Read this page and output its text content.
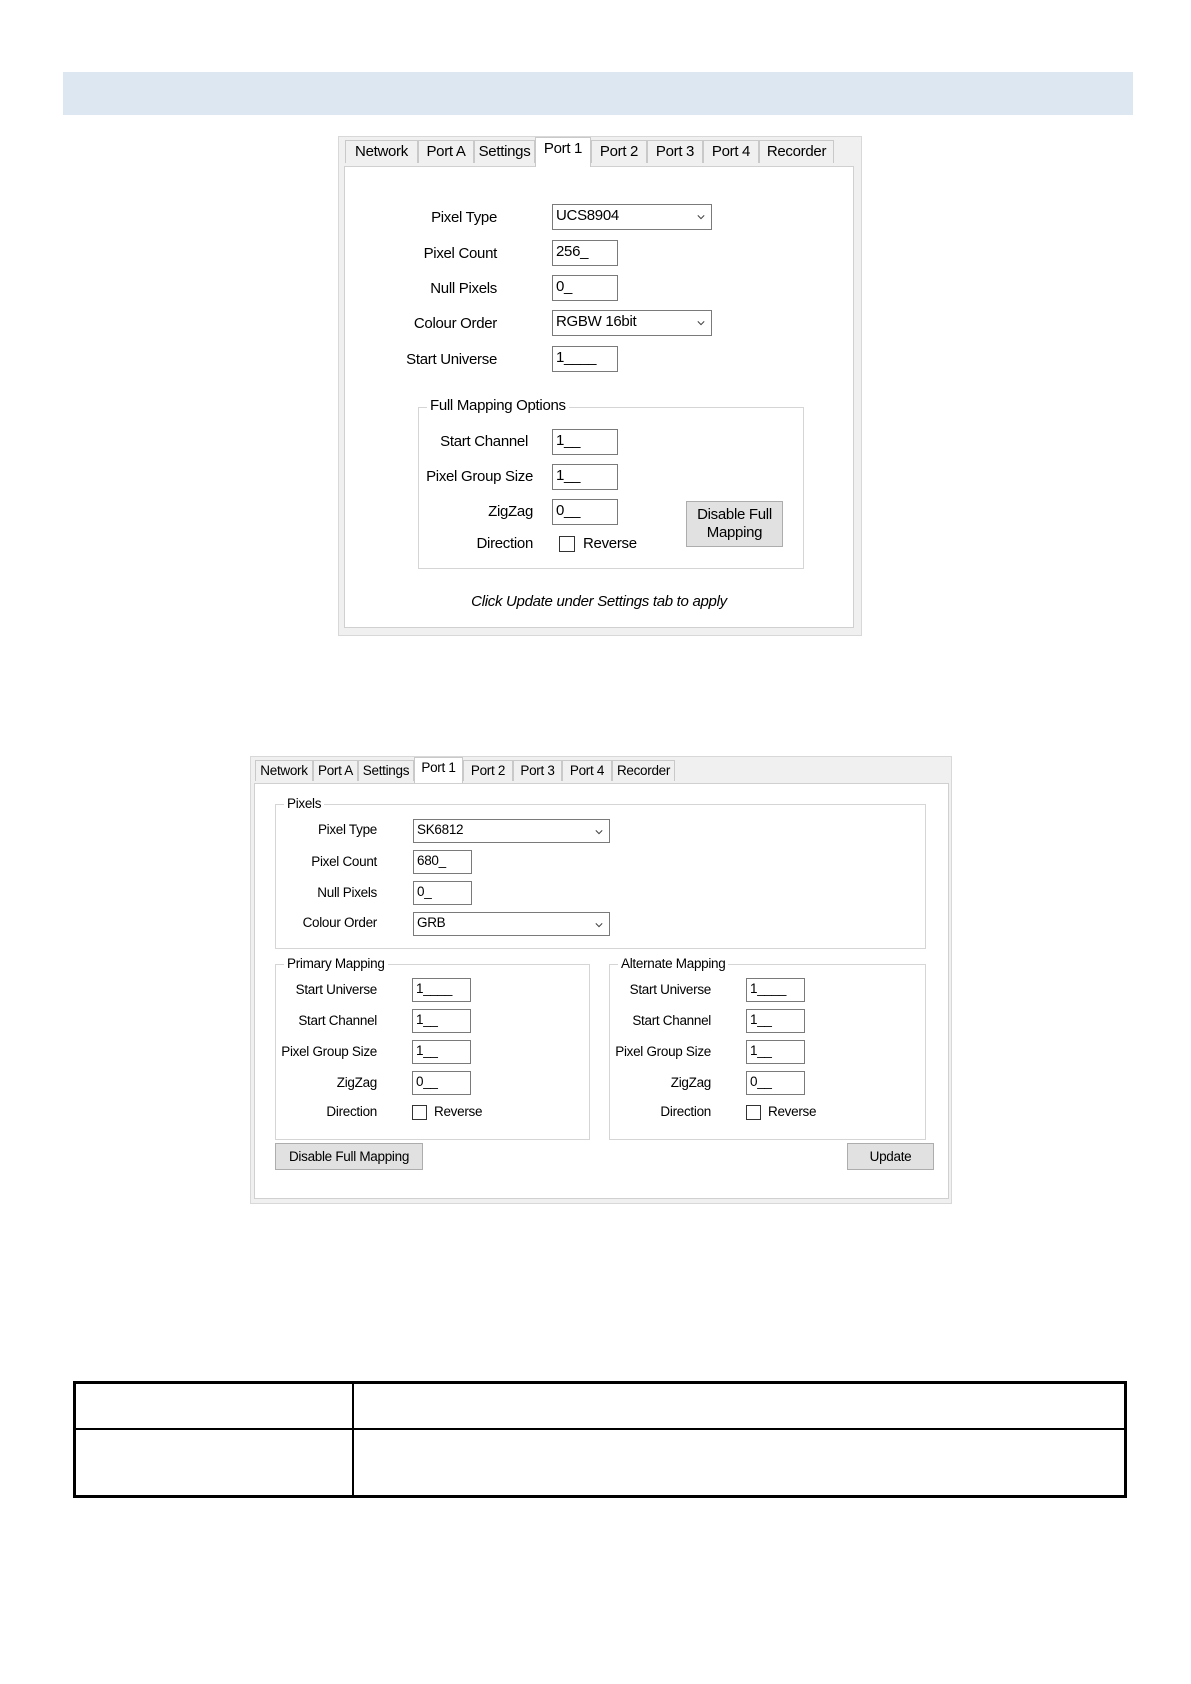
Network	Port A Settings Port 1	Port 2	Port 3	Port 4	Recorder
Pixel Type	UCS8904
Pixel Count	256_
Null Pixels	0_
Colour Order	RGBW 16bit
Start Universe	1____
Full Mapping Options
Start Channel 1__
Pixel Group Size 1__
ZigZag 0__
Direction	Reverse
Disable Full
Mapping
Click Update under Settings tab to apply
Network Port A Settings Port 1	Port 2	Port 3	Port 4 Recorder
Pixels
Pixel Type	SK6812
Pixel Count	680_
Null Pixels	0_
Colour Order	GRB
Primary Mapping
Start Universe	1____
Start Channel	1__
Pixel Group Size	1__
ZigZag	0__
Direction	Reverse
Alternate Mapping
Start Universe	1____
Start Channel	1__
Pixel Group Size	1__
ZigZag	0__
Direction	Reverse
Disable Full Mapping	Update
